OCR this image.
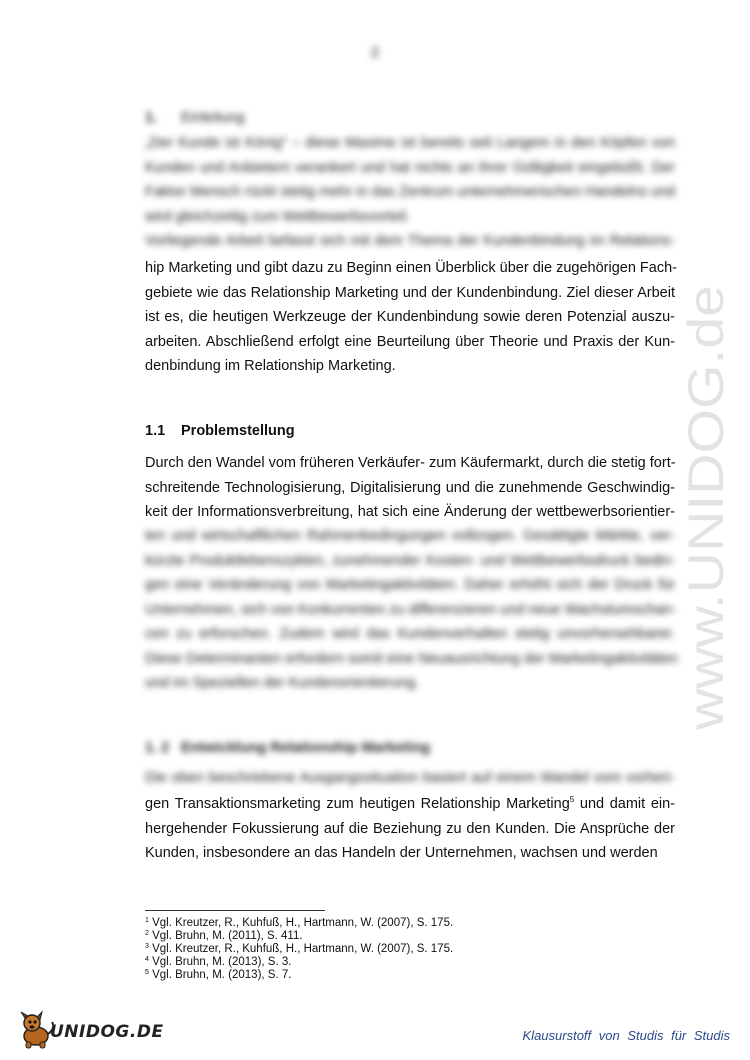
2
1. Einleitung
„Der Kunde ist König“ – diese Maxime ist bereits seit Langem in den Köpfen von
Kunden und Anbietern verankert und hat nichts an ihrer Gültigkeit eingebüßt. Der
Faktor Mensch rückt stetig mehr in das Zentrum unternehmerischen Handelns und
wird gleichzeitig zum Wettbewerbsvorteil.
Vorliegende Arbeit befasst sich mit dem Thema der Kundenbindung im Relations-
hip Marketing und gibt dazu zu Beginn einen Überblick über die zugehörigen Fach-
gebiete wie das Relationship Marketing und der Kundenbindung. Ziel dieser Arbeit
ist es, die heutigen Werkzeuge der Kundenbindung sowie deren Potenzial auszu-
arbeiten. Abschließend erfolgt eine Beurteilung über Theorie und Praxis der Kun-
denbindung im Relationship Marketing.
1.1 Problemstellung
Durch den Wandel vom früheren Verkäufer- zum Käufermarkt, durch die stetig fort-
schreitende Technologisierung, Digitalisierung und die zunehmende Geschwindig-
keit der Informationsverbreitung, hat sich eine Änderung der wettbewerbsorientier-
ten und wirtschaftlichen Rahmenbedingungen vollzogen. Gesättigte Märkte, ver-
kürzte Produktlebenszyklen, zunehmender Kosten- und Wettbewerbsdruck bedin-
gen eine Veränderung von Marketingaktivitäten. Daher erhöht sich der Druck für
Unternehmen, sich von Konkurrenten zu differenzieren und neue Wachstumschan-
cen zu erforschen. Zudem wird das Kundenverhalten stetig unvorhersehbarer.
Diese Determinanten erfordern somit eine Neuausrichtung der Marketingaktivitäten
und im Speziellen der Kundenorientierung.
1. 2 Entwicklung Relationship Marketing
Die oben beschriebene Ausgangssituation basiert auf einem Wandel vom vorheri-
gen Transaktionsmarketing zum heutigen Relationship Marketing$^5$ und damit ein-
hergehender Fokussierung auf die Beziehung zu den Kunden. Die Ansprüche der
Kunden, insbesondere an das Handeln der Unternehmen, wachsen und werden
www.UNIDOG.de
$^1$ Vgl. Kreutzer, R., Kuhfuß, H., Hartmann, W. (2007), S. 175.
$^2$ Vgl. Bruhn, M. (2011), S. 411.
$^3$ Vgl. Kreutzer, R., Kuhfuß, H., Hartmann, W. (2007), S. 175.
$^4$ Vgl. Bruhn, M. (2013), S. 3.
$^5$ Vgl. Bruhn, M. (2013), S. 7.
UNIDOG.DE	Klausurstoff von Studis für Studis
